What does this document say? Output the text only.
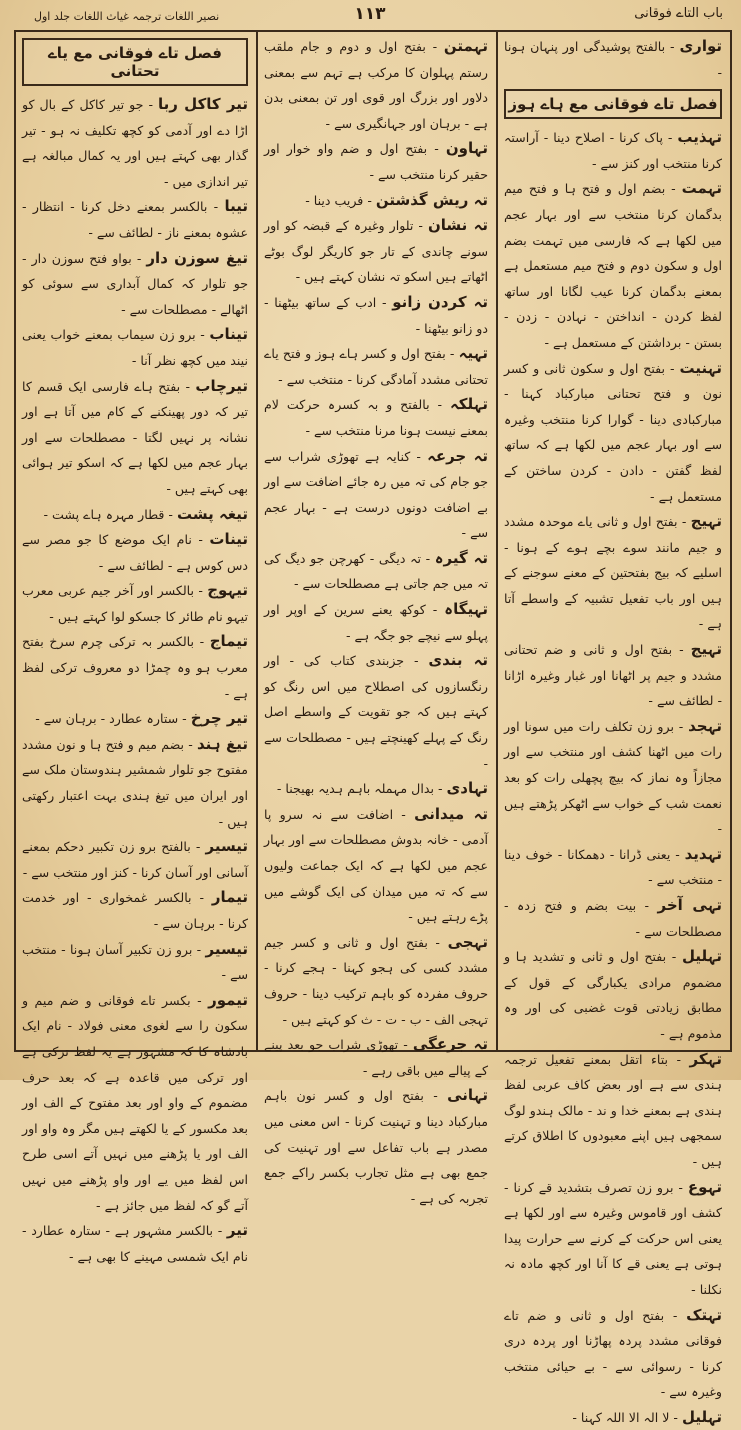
باب التاے فوقانی
۱۱۳
نصیر اللغات ترجمہ غیاث اللغات جلد اول

تواری - بالفتح پوشیدگی اور پنہان ہونا -

فصل تاے فوقانی مع ہاے ہوز

تہذیب - پاک کرنا - اصلاح دینا - آراستہ کرنا منتخب اور کنز سے -

تہمت - بضم اول و فتح ہا و فتح میم بدگمان کرنا منتخب سے اور بہار عجم میں لکھا ہے کہ فارسی میں تہمت بضم اول و سکون دوم و فتح میم مستعمل ہے بمعنے بدگمان کرنا عیب لگانا اور ساتھ لفظ کردن - انداختن - نہادن - زدن - بستن - برداشتن کے مستعمل ہے -

تہنیت - بفتح اول و سکون ثانی و کسر نون و فتح تحتانی مبارکباد کہنا - مبارکبادی دینا - گوارا کرنا منتخب وغیرہ سے اور بہار عجم میں لکھا ہے کہ ساتھ لفظ گفتن - دادن - کردن ساختن کے مستعمل ہے -

تہیج - بفتح اول و ثانی یاے موحدہ مشدد و جیم مانند سوے بچے ہوے کے ہونا - اسلیے کہ بیج بفتحتین کے معنے سوجنے کے ہیں اور باب تفعیل تشبیہ کے واسطے آتا ہے -

تہیج - بفتح اول و ثانی و ضم تحتانی مشدد و جیم پر اٹھانا اور غبار وغیرہ اڑانا - لطائف سے -

تہجد - برو زن تکلف رات میں سونا اور رات میں اٹھنا کشف اور منتخب سے اور مجازاً وہ نماز کہ بیچ پچھلی رات کو بعد نعمت شب کے خواب سے اٹھکر پڑھتے ہیں -

تہدید - یعنی ڈرانا - دھمکانا - خوف دینا - منتخب سے -

تہی آخر - بیت بضم و فتح زدہ - مصطلحات سے -

تہلیل - بفتح اول و ثانی و تشدید ہا و مضموم مرادی یکبارگی کے قول کے مطابق زیادتی قوت غضبی کی اور وہ مذموم ہے -

تہکر - بتاء اتقل بمعنے تفعیل ترجمہ ہندی سے ہے اور بعض کاف عربی لفظ ہندی ہے بمعنے خدا و ند - مالک ہندو لوگ سمجھی ہیں اپنے معبودوں کا اطلاق کرتے ہیں -

تہوع - برو زن تصرف بتشدید قے کرنا - کشف اور قاموس وغیرہ سے اور لکھا ہے یعنی اس حرکت کے کرنے سے حرارت پیدا ہوتی ہے یعنی قے کا آنا اور کچھ مادہ نہ نکلنا -

تہتک - بفتح اول و ثانی و ضم تاے فوقانی مشدد پردہ پھاڑنا اور پردہ دری کرنا - رسوائی سے - بے حیائی منتخب وغیرہ سے -

تہلیل - لا الہ الا اللہ کہنا -

تہمتن - بفتح اول و دوم و جام ملقب رستم پہلوان کا مرکب ہے تہم سے بمعنی دلاور اور بزرگ اور قوی اور تن بمعنی بدن ہے - برہان اور جہانگیری سے -

تہاون - بفتح اول و ضم واو خوار اور حقیر کرنا منتخب سے -

تہ ریش گذشتن - فریب دینا -

تہ نشان - تلوار وغیرہ کے قبضہ کو اور سونے چاندی کے تار جو کاریگر لوگ بوٹے اٹھاتے ہیں اسکو تہ نشان کہتے ہیں -

تہ کردن زانو - ادب کے ساتھ بیٹھنا - دو زانو بیٹھنا -

تہیہ - بفتح اول و کسر ہاے ہوز و فتح یاے تحتانی مشدد آمادگی کرنا - منتخب سے -

تہلکہ - بالفتح و بہ کسرہ حرکت لام بمعنے نیست ہونا مرنا منتخب سے -

تہ جرعہ - کنایہ ہے تھوڑی شراب سے جو جام کی تہ میں رہ جائے اضافت سے اور بے اضافت دونوں درست ہے - بہار عجم سے -

تہ گیرہ - تہ دیگی - کھرچن جو دیگ کی تہ میں جم جاتی ہے مصطلحات سے -

تہیگاہ - کوکھ یعنے سرین کے اوپر اور پہلو سے نیچے جو جگہ ہے -

تہ بندی - جزبندی کتاب کی - اور رنگسازوں کی اصطلاح میں اس رنگ کو کہتے ہیں کہ جو تقویت کے واسطے اصل رنگ کے پہلے کھینچتے ہیں - مصطلحات سے -

تہادی - بدال مہملہ باہم ہدیہ بھیجنا -

تہ میدانی - اضافت سے نہ سرو پا آدمی - خانہ بدوش مصطلحات سے اور بہار عجم میں لکھا ہے کہ ایک جماعت ولیوں سے کہ تہ میں میدان کی ایک گوشے میں پڑے رہتے ہیں -

تہجی - بفتح اول و ثانی و کسر جیم مشدد کسی کی ہجو کہنا - ہجے کرنا - حروف مفردہ کو باہم ترکیب دینا - حروف تہجی الف - ب - ت - ث کو کہتے ہیں -

تہ جرعگی - تھوڑی شراب جو بعد پینے کے پیالے میں باقی رہے -

تہانی - بفتح اول و کسر نون باہم مبارکباد دینا و تہنیت کرنا - اس معنی میں مصدر ہے باب تفاعل سے اور تہنیت کی جمع بھی ہے مثل تجارب بکسر راکے جمع تجربہ کی ہے -

فصل تاے فوقانی مع یاے تحتانی

تیر کاکل ربا - جو تیر کاکل کے بال کو اڑا دے اور آدمی کو کچھ تکلیف نہ ہو - تیر گذار بھی کہتے ہیں اور یہ کمال مبالغہ ہے تیر اندازی میں -

تیبا - بالکسر بمعنے دخل کرنا - انتظار - عشوہ بمعنے ناز - لطائف سے -

تیغ سوزن دار - بواو فتح سوزن دار - جو تلوار کہ کمال آبداری سے سوئی کو اٹھالے - مصطلحات سے -

تیناب - برو زن سیماب بمعنے خواب یعنی نیند میں کچھ نظر آنا -

تیرچاب - بفتح ہاے فارسی ایک قسم کا تیر کہ دور پھینکنے کے کام میں آتا ہے اور نشانہ پر نہیں لگتا - مصطلحات سے اور بہار عجم میں لکھا ہے کہ اسکو تیر ہوائی بھی کہتے ہیں -

تیغہ پشت - قطار مہرہ ہاے پشت -

تینات - نام ایک موضع کا جو مصر سے دس کوس ہے - لطائف سے -

تیہوج - بالکسر اور آخر جیم عربی معرب تیہو نام طائر کا جسکو لوا کہتے ہیں -

تیماج - بالکسر بہ ترکی چرم سرخ بفتح معرب ہو وہ چمڑا دو معروف ترکی لفظ ہے -

تیر چرخ - ستارہ عطارد - برہان سے -

تیغ ہند - بضم میم و فتح ہا و نون مشدد مفتوح جو تلوار شمشیر ہندوستان ملک سے اور ایران میں تیغ ہندی بہت اعتبار رکھتی ہیں -

تیسیر - بالفتح برو زن تکبیر دحکم بمعنے آسانی اور آسان کرنا - کنز اور منتخب سے -

تیمار - بالکسر غمخواری - اور خدمت کرنا - برہان سے -

تیسیر - برو زن تکبیر آسان ہونا - منتخب سے -

تیمور - بکسر تاے فوقانی و ضم میم و سکون را سے لغوی معنی فولاد - نام ایک بادشاہ کا کہ مشہور ہے یہ لفظ ترکی ہے اور ترکی میں قاعدہ ہے کہ بعد حرف مضموم کے واو اور بعد مفتوح کے الف اور بعد مکسور کے یا لکھتے ہیں مگر وہ واو اور الف اور یا پڑھنے میں نہیں آتے اسی طرح اس لفظ میں یے اور واو پڑھنے میں نہیں آتے گو کہ لفظ میں جائز ہے -

تیر - بالکسر مشہور ہے - ستارہ عطارد - نام ایک شمسی مہینے کا بھی ہے -
